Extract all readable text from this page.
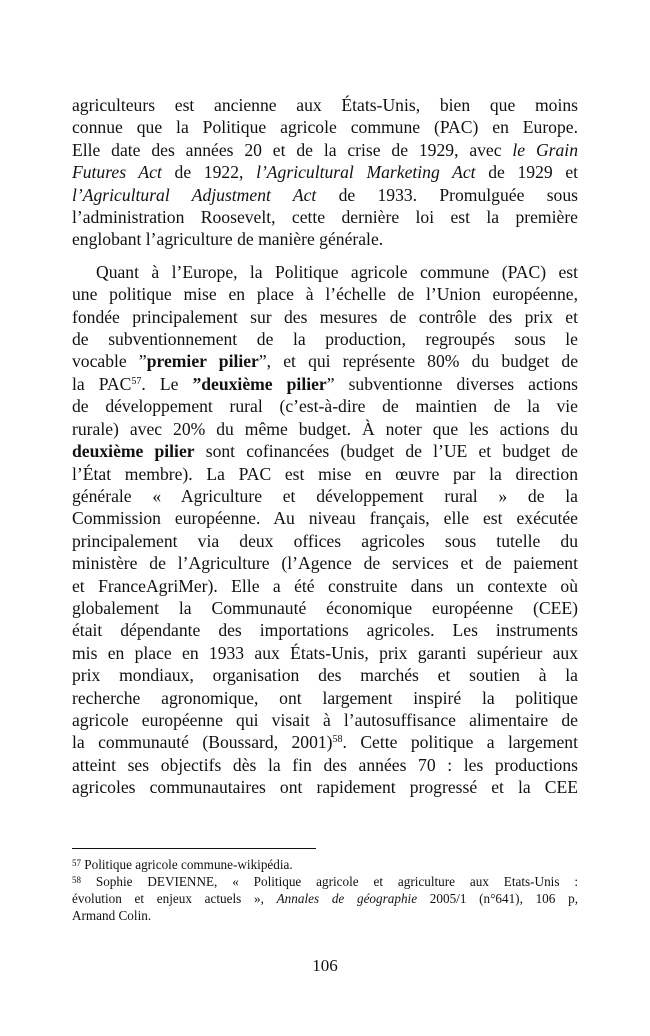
agriculteurs est ancienne aux États-Unis, bien que moins
connue que la Politique agricole commune (PAC) en Europe.
Elle date des années 20 et de la crise de 1929, avec le Grain
Futures Act de 1922, l’Agricultural Marketing Act de 1929 et
l’Agricultural Adjustment Act de 1933. Promulguée sous
l’administration Roosevelt, cette dernière loi est la première
englobant l’agriculture de manière générale.
Quant à l’Europe, la Politique agricole commune (PAC) est
une politique mise en place à l’échelle de l’Union européenne,
fondée principalement sur des mesures de contrôle des prix et
de subventionnement de la production, regroupés sous le
vocable ”premier pilier”, et qui représente 80% du budget de
la PAC$^{57}$. Le ”deuxième pilier” subventionne diverses actions
de développement rural (c’est-à-dire de maintien de la vie
rurale) avec 20% du même budget. À noter que les actions du
deuxième pilier sont cofinancées (budget de l’UE et budget de
l’État membre). La PAC est mise en œuvre par la direction
générale « Agriculture et développement rural » de la
Commission européenne. Au niveau français, elle est exécutée
principalement via deux offices agricoles sous tutelle du
ministère de l’Agriculture (l’Agence de services et de paiement
et FranceAgriMer). Elle a été construite dans un contexte où
globalement la Communauté économique européenne (CEE)
était dépendante des importations agricoles. Les instruments
mis en place en 1933 aux États-Unis, prix garanti supérieur aux
prix mondiaux, organisation des marchés et soutien à la
recherche agronomique, ont largement inspiré la politique
agricole européenne qui visait à l’autosuffisance alimentaire de
la communauté (Boussard, 2001)$^{58}$. Cette politique a largement
atteint ses objectifs dès la fin des années 70 : les productions
agricoles communautaires ont rapidement progressé et la CEE
$^{57}$ Politique agricole commune-wikipédia.
$^{58}$ Sophie DEVIENNE, « Politique agricole et agriculture aux Etats-Unis :
évolution et enjeux actuels », Annales de géographie 2005/1 (n°641), 106 p,
Armand Colin.
106
